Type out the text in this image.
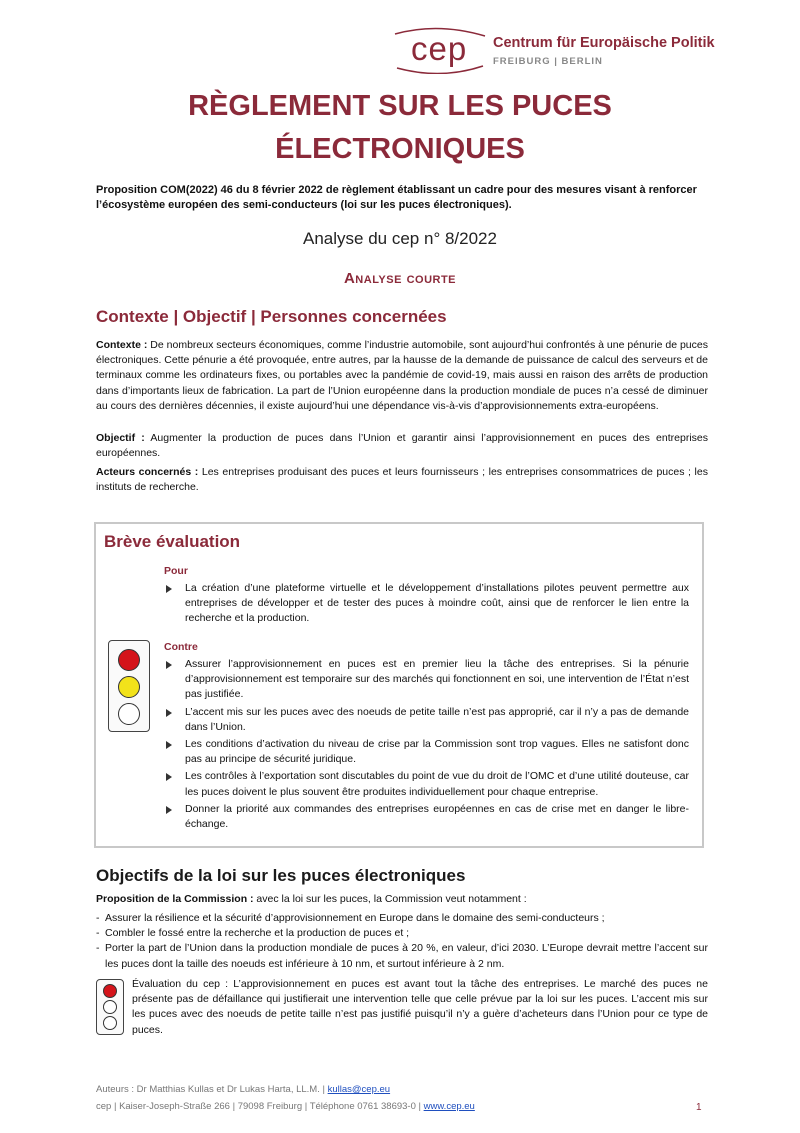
cep Centrum für Europäische Politik
FREIBURG | BERLIN
RÈGLEMENT SUR LES PUCES
ÉLECTRONIQUES
Proposition COM(2022) 46 du 8 février 2022 de règlement établissant un cadre pour des mesures visant à renforcer l’écosystème européen des semi-conducteurs (loi sur les puces électroniques).
Analyse du cep n° 8/2022
Analyse courte
Contexte | Objectif | Personnes concernées
Contexte : De nombreux secteurs économiques, comme l’industrie automobile, sont aujourd’hui confrontés à une pénurie de puces électroniques. Cette pénurie a été provoquée, entre autres, par la hausse de la demande de puissance de calcul des serveurs et de terminaux comme les ordinateurs fixes, ou portables avec la pandémie de covid-19, mais aussi en raison des arrêts de production dans d’importants lieux de fabrication. La part de l’Union européenne dans la production mondiale de puces n’a cessé de diminuer au cours des dernières décennies, il existe aujourd’hui une dépendance vis-à-vis d’approvisionnements extra-européens.
Objectif : Augmenter la production de puces dans l’Union et garantir ainsi l’approvisionnement en puces des entreprises européennes.
Acteurs concernés : Les entreprises produisant des puces et leurs fournisseurs ; les entreprises consommatrices de puces ; les instituts de recherche.
Brève évaluation
Pour
La création d’une plateforme virtuelle et le développement d’installations pilotes peuvent permettre aux entreprises de développer et de tester des puces à moindre coût, ainsi que de renforcer le lien entre la recherche et la production.
Contre
Assurer l’approvisionnement en puces est en premier lieu la tâche des entreprises. Si la pénurie d’approvisionnement est temporaire sur des marchés qui fonctionnent en soi, une intervention de l’État n’est pas justifiée.
L’accent mis sur les puces avec des noeuds de petite taille n’est pas approprié, car il n’y a pas de demande dans l’Union.
Les conditions d’activation du niveau de crise par la Commission sont trop vagues. Elles ne satisfont donc pas au principe de sécurité juridique.
Les contrôles à l’exportation sont discutables du point de vue du droit de l’OMC et d’une utilité douteuse, car les puces doivent le plus souvent être produites individuellement pour chaque entreprise.
Donner la priorité aux commandes des entreprises européennes en cas de crise met en danger le libre-échange.
Objectifs de la loi sur les puces électroniques
Proposition de la Commission : avec la loi sur les puces, la Commission veut notamment :
- Assurer la résilience et la sécurité d’approvisionnement en Europe dans le domaine des semi-conducteurs ;
- Combler le fossé entre la recherche et la production de puces et ;
- Porter la part de l’Union dans la production mondiale de puces à 20 %, en valeur, d’ici 2030. L’Europe devrait mettre l’accent sur les puces dont la taille des noeuds est inférieure à 10 nm, et surtout inférieure à 2 nm.
Évaluation du cep : L’approvisionnement en puces est avant tout la tâche des entreprises. Le marché des puces ne présente pas de défaillance qui justifierait une intervention telle que celle prévue par la loi sur les puces. L’accent mis sur les puces avec des noeuds de petite taille n’est pas justifié puisqu’il n’y a guère d’acheteurs dans l’Union pour ce type de puces.
Auteurs : Dr Matthias Kullas et Dr Lukas Harta, LL.M. | kullas@cep.eu
cep | Kaiser-Joseph-Straße 266 | 79098 Freiburg | Téléphone 0761 38693-0 | www.cep.eu	1
